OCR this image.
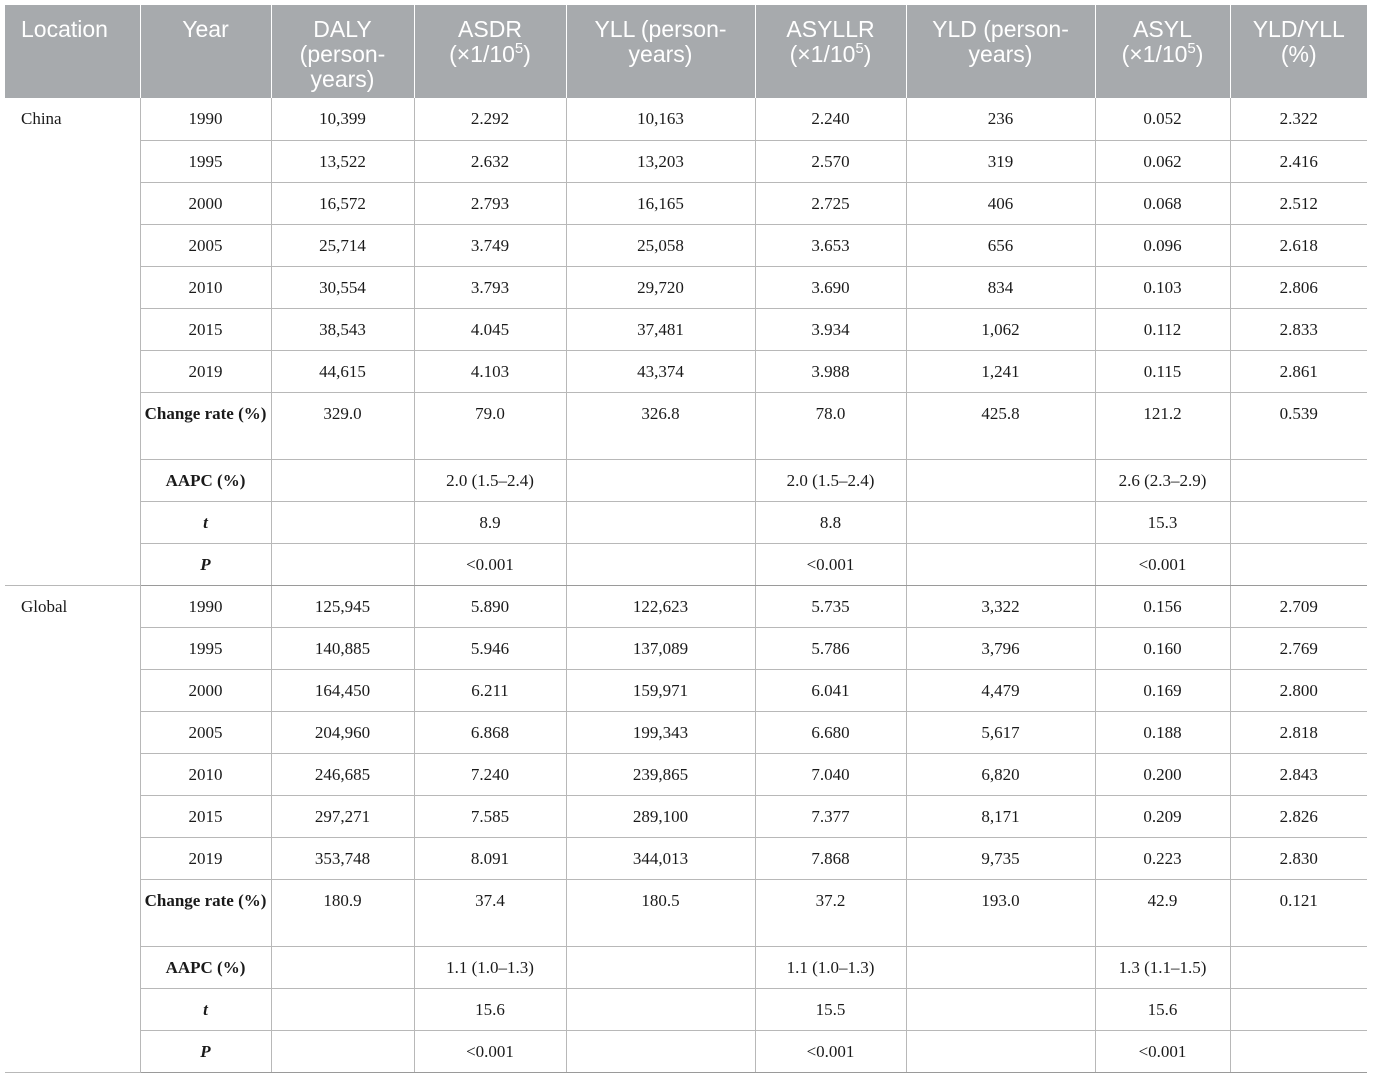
Location	Year	DALY (person-years)	ASDR $(\times 1/10^5)$	YLL (person-years)	ASYLLR $(\times 1/10^5)$	YLD (person-years)	ASYL $(\times 1/10^5)$	YLD/YLL (%)
China	1990	10,399	2.292	10,163	2.240	236	0.052	2.322
	1995	13,522	2.632	13,203	2.570	319	0.062	2.416
	2000	16,572	2.793	16,165	2.725	406	0.068	2.512
	2005	25,714	3.749	25,058	3.653	656	0.096	2.618
	2010	30,554	3.793	29,720	3.690	834	0.103	2.806
	2015	38,543	4.045	37,481	3.934	1,062	0.112	2.833
	2019	44,615	4.103	43,374	3.988	1,241	0.115	2.861
	Change rate (%)	329.0	79.0	326.8	78.0	425.8	121.2	0.539
	AAPC (%)		2.0 (1.5–2.4)		2.0 (1.5–2.4)		2.6 (2.3–2.9)	
	t		8.9		8.8		15.3	
	P		<0.001		<0.001		<0.001	
Global	1990	125,945	5.890	122,623	5.735	3,322	0.156	2.709
	1995	140,885	5.946	137,089	5.786	3,796	0.160	2.769
	2000	164,450	6.211	159,971	6.041	4,479	0.169	2.800
	2005	204,960	6.868	199,343	6.680	5,617	0.188	2.818
	2010	246,685	7.240	239,865	7.040	6,820	0.200	2.843
	2015	297,271	7.585	289,100	7.377	8,171	0.209	2.826
	2019	353,748	8.091	344,013	7.868	9,735	0.223	2.830
	Change rate (%)	180.9	37.4	180.5	37.2	193.0	42.9	0.121
	AAPC (%)		1.1 (1.0–1.3)		1.1 (1.0–1.3)		1.3 (1.1–1.5)	
	t		15.6		15.5		15.6	
	P		<0.001		<0.001		<0.001	
